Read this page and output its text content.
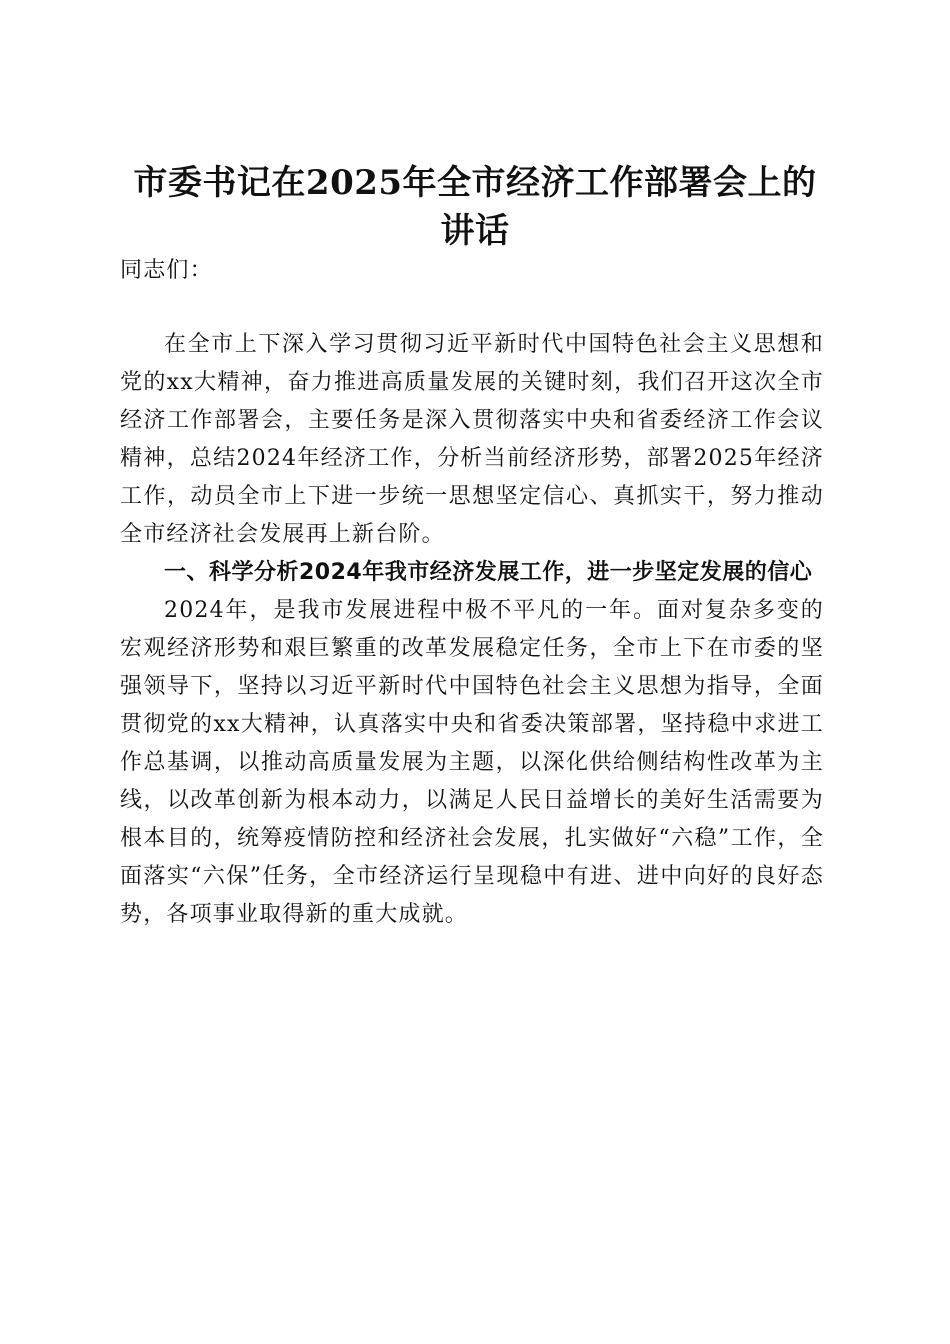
市委书记在2025年全市经济工作部署会上的讲话

同志们：

在全市上下深入学习贯彻习近平新时代中国特色社会主义思想和党的xx大精神，奋力推进高质量发展的关键时刻，我们召开这次全市经济工作部署会，主要任务是深入贯彻落实中央和省委经济工作会议精神，总结2024年经济工作，分析当前经济形势，部署2025年经济工作，动员全市上下进一步统一思想坚定信心、真抓实干，努力推动全市经济社会发展再上新台阶。

一、科学分析2024年我市经济发展工作，进一步坚定发展的信心

2024年，是我市发展进程中极不平凡的一年。面对复杂多变的宏观经济形势和艰巨繁重的改革发展稳定任务，全市上下在市委的坚强领导下，坚持以习近平新时代中国特色社会主义思想为指导，全面贯彻党的xx大精神，认真落实中央和省委决策部署，坚持稳中求进工作总基调，以推动高质量发展为主题，以深化供给侧结构性改革为主线，以改革创新为根本动力，以满足人民日益增长的美好生活需要为根本目的，统筹疫情防控和经济社会发展，扎实做好“六稳”工作，全面落实“六保”任务，全市经济运行呈现稳中有进、进中向好的良好态势，各项事业取得新的重大成就。
